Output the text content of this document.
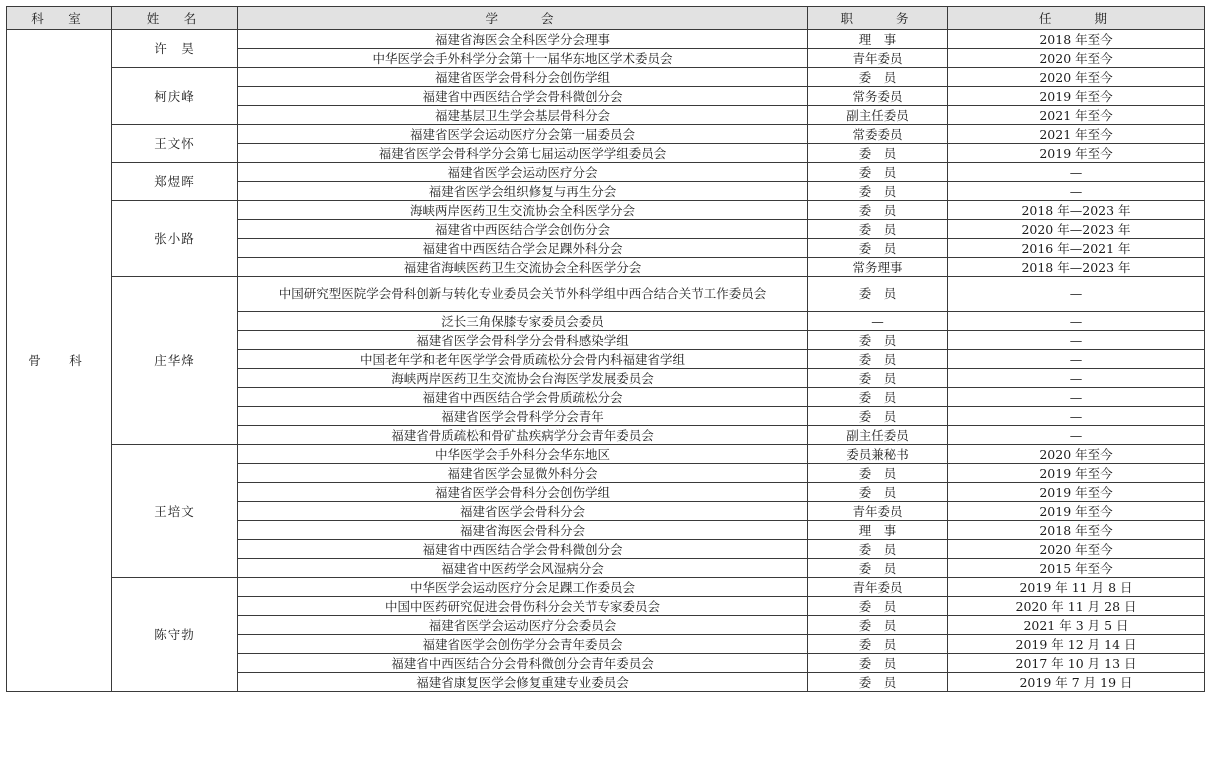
科　室	姓　名	学　　会	职　　务	任　　期
骨　科	许　昊	福建省海医会全科医学分会理事	理　事	2018 年至今
		中华医学会手外科学分会第十一届华东地区学术委员会	青年委员	2020 年至今
	柯庆峰	福建省医学会骨科分会创伤学组	委　员	2020 年至今
		福建省中西医结合学会骨科微创分会	常务委员	2019 年至今
		福建基层卫生学会基层骨科分会	副主任委员	2021 年至今
	王文怀	福建省医学会运动医疗分会第一届委员会	常委委员	2021 年至今
		福建省医学会骨科学分会第七届运动医学学组委员会	委　员	2019 年至今
	郑煜晖	福建省医学会运动医疗分会	委　员	—
		福建省医学会组织修复与再生分会	委　员	—
	张小路	海峡两岸医药卫生交流协会全科医学分会	委　员	2018 年—2023 年
		福建省中西医结合学会创伤分会	委　员	2020 年—2023 年
		福建省中西医结合学会足踝外科分会	委　员	2016 年—2021 年
		福建省海峡医药卫生交流协会全科医学分会	常务理事	2018 年—2023 年
	庄华烽	中国研究型医院学会骨科创新与转化专业委员会关节外科学组中西合结合关节工作委员会	委　员	—
		泛长三角保膝专家委员会委员	—	—
		福建省医学会骨科学分会骨科感染学组	委　员	—
		中国老年学和老年医学学会骨质疏松分会骨内科福建省学组	委　员	—
		海峡两岸医药卫生交流协会台海医学发展委员会	委　员	—
		福建省中西医结合学会骨质疏松分会	委　员	—
		福建省医学会骨科学分会青年	委　员	—
		福建省骨质疏松和骨矿盐疾病学分会青年委员会	副主任委员	—
	王培文	中华医学会手外科分会华东地区	委员兼秘书	2020 年至今
		福建省医学会显微外科分会	委　员	2019 年至今
		福建省医学会骨科分会创伤学组	委　员	2019 年至今
		福建省医学会骨科分会	青年委员	2019 年至今
		福建省海医会骨科分会	理　事	2018 年至今
		福建省中西医结合学会骨科微创分会	委　员	2020 年至今
		福建省中医药学会风湿病分会	委　员	2015 年至今
	陈守勃	中华医学会运动医疗分会足踝工作委员会	青年委员	2019 年 11 月 8 日
		中国中医药研究促进会骨伤科分会关节专家委员会	委　员	2020 年 11 月 28 日
		福建省医学会运动医疗分会委员会	委　员	2021 年 3 月 5 日
		福建省医学会创伤学分会青年委员会	委　员	2019 年 12 月 14 日
		福建省中西医结合分会骨科微创分会青年委员会	委　员	2017 年 10 月 13 日
		福建省康复医学会修复重建专业委员会	委　员	2019 年 7 月 19 日
